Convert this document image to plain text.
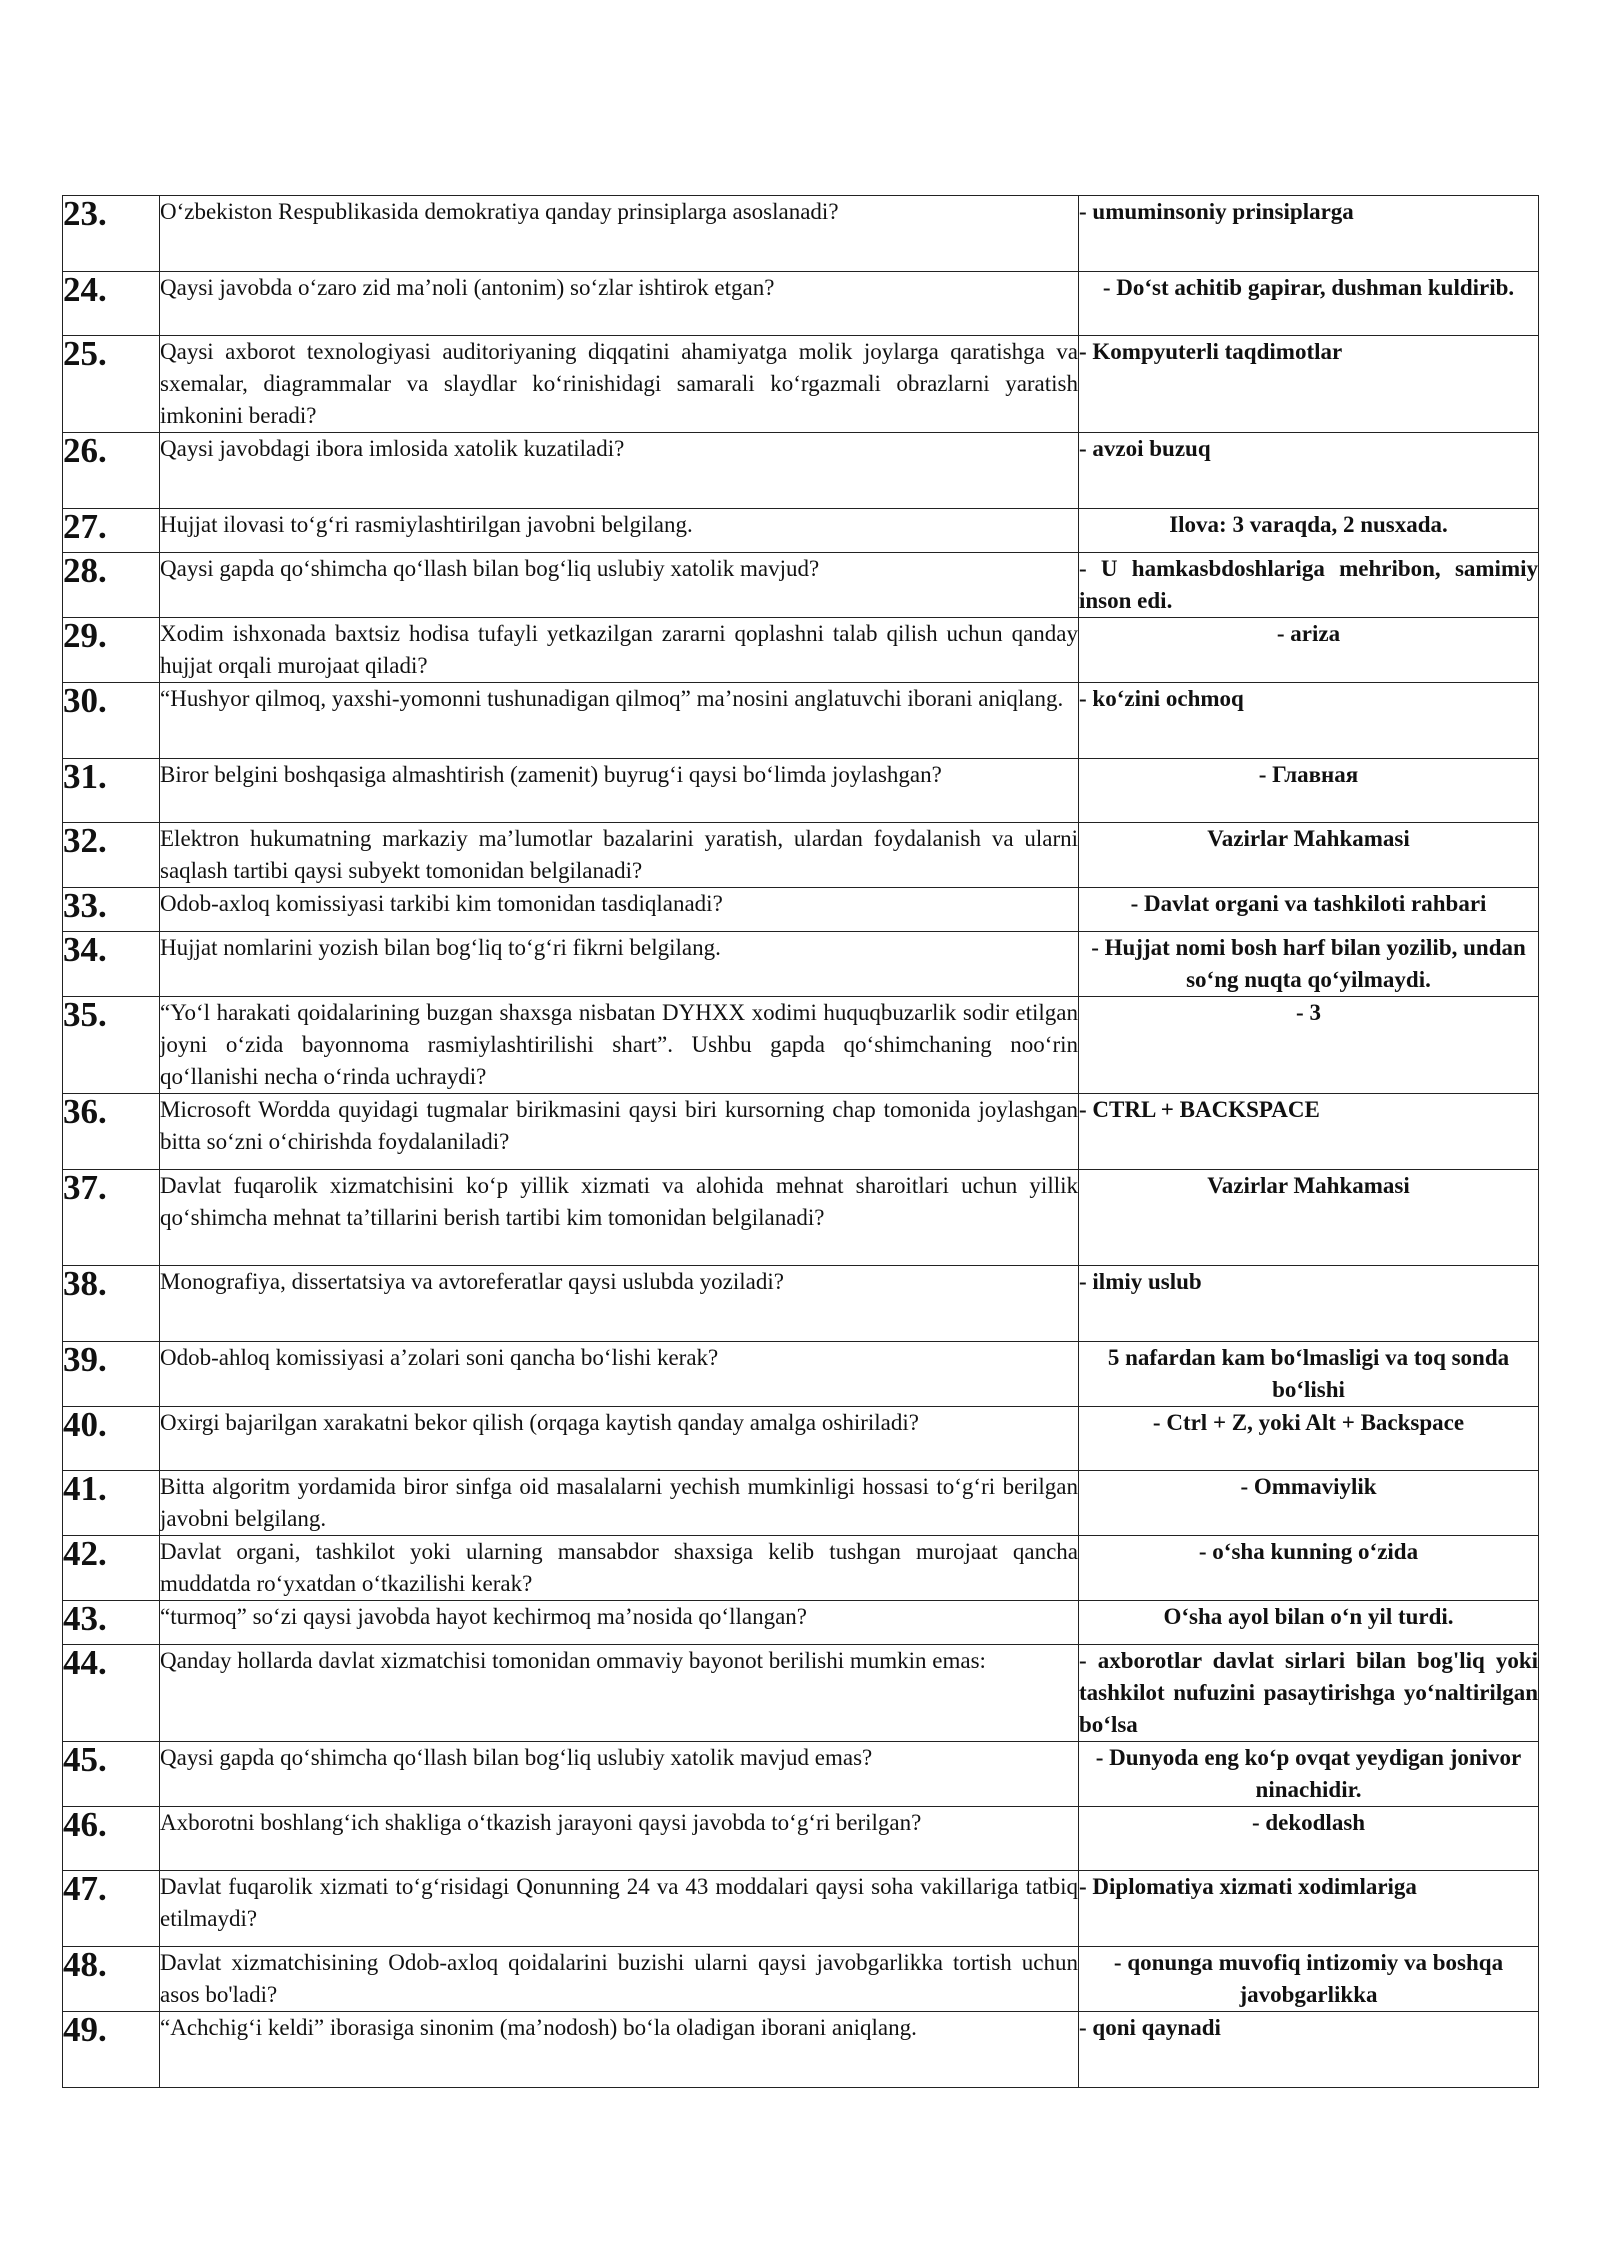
23.	O‘zbekiston Respublikasida demokratiya qanday prinsiplarga asoslanadi?	- umuminsoniy prinsiplarga
24.	Qaysi javobda o‘zaro zid ma’noli (antonim) so‘zlar ishtirok etgan?	- Do‘st achitib gapirar, dushman kuldirib.
25.	Qaysi axborot texnologiyasi auditoriyaning diqqatini ahamiyatga molik joylarga qaratishga va sxemalar, diagrammalar va slaydlar ko‘rinishidagi samarali ko‘rgazmali obrazlarni yaratish imkonini beradi?	- Kompyuterli taqdimotlar
26.	Qaysi javobdagi ibora imlosida xatolik kuzatiladi?	- avzoi buzuq
27.	Hujjat ilovasi to‘g‘ri rasmiylashtirilgan javobni belgilang.	Ilova: 3 varaqda, 2 nusxada.
28.	Qaysi gapda qo‘shimcha qo‘llash bilan bog‘liq uslubiy xatolik mavjud?	- U hamkasbdoshlariga mehribon, samimiy inson edi.
29.	Xodim ishxonada baxtsiz hodisa tufayli yetkazilgan zararni qoplashni talab qilish uchun qanday hujjat orqali murojaat qiladi?	- ariza
30.	“Hushyor qilmoq, yaxshi-yomonni tushunadigan qilmoq” ma’nosini anglatuvchi iborani aniqlang.	- ko‘zini ochmoq
31.	Biror belgini boshqasiga almashtirish (zamenit) buyrug‘i qaysi bo‘limda joylashgan?	- Главная
32.	Elektron hukumatning markaziy ma’lumotlar bazalarini yaratish, ulardan foydalanish va ularni saqlash tartibi qaysi subyekt tomonidan belgilanadi?	Vazirlar Mahkamasi
33.	Odob-axloq komissiyasi tarkibi kim tomonidan tasdiqlanadi?	- Davlat organi va tashkiloti rahbari
34.	Hujjat nomlarini yozish bilan bog‘liq to‘g‘ri fikrni belgilang.	- Hujjat nomi bosh harf bilan yozilib, undan so‘ng nuqta qo‘yilmaydi.
35.	“Yo‘l harakati qoidalarining buzgan shaxsga nisbatan DYHXX xodimi huquqbuzarlik sodir etilgan joyni o‘zida bayonnoma rasmiylashtirilishi shart”. Ushbu gapda qo‘shimchaning noo‘rin qo‘llanishi necha o‘rinda uchraydi?	- 3
36.	Microsoft Wordda quyidagi tugmalar birikmasini qaysi biri kursorning chap tomonida joylashgan bitta so‘zni o‘chirishda foydalaniladi?	- CTRL + BACKSPACE
37.	Davlat fuqarolik xizmatchisini ko‘p yillik xizmati va alohida mehnat sharoitlari uchun yillik qo‘shimcha mehnat ta’tillarini berish tartibi kim tomonidan belgilanadi?	Vazirlar Mahkamasi
38.	Monografiya, dissertatsiya va avtoreferatlar qaysi uslubda yoziladi?	- ilmiy uslub
39.	Odob-ahloq komissiyasi a’zolari soni qancha bo‘lishi kerak?	5 nafardan kam bo‘lmasligi va toq sonda bo‘lishi
40.	Oxirgi bajarilgan xarakatni bekor qilish (orqaga kaytish qanday amalga oshiriladi?	- Ctrl + Z, yoki Alt + Backspace
41.	Bitta algoritm yordamida biror sinfga oid masalalarni yechish mumkinligi hossasi to‘g‘ri berilgan javobni belgilang.	- Ommaviylik
42.	Davlat organi, tashkilot yoki ularning mansabdor shaxsiga kelib tushgan murojaat qancha muddatda ro‘yxatdan o‘tkazilishi kerak?	- o‘sha kunning o‘zida
43.	“turmoq” so‘zi qaysi javobda hayot kechirmoq ma’nosida qo‘llangan?	O‘sha ayol bilan o‘n yil turdi.
44.	Qanday hollarda davlat xizmatchisi tomonidan ommaviy bayonot berilishi mumkin emas:	- axborotlar davlat sirlari bilan bog'liq yoki tashkilot nufuzini pasaytirishga yo‘naltirilgan bo‘lsa
45.	Qaysi gapda qo‘shimcha qo‘llash bilan bog‘liq uslubiy xatolik mavjud emas?	- Dunyoda eng ko‘p ovqat yeydigan jonivor ninachidir.
46.	Axborotni boshlang‘ich shakliga o‘tkazish jarayoni qaysi javobda to‘g‘ri berilgan?	- dekodlash
47.	Davlat fuqarolik xizmati to‘g‘risidagi Qonunning 24 va 43 moddalari qaysi soha vakillariga tatbiq etilmaydi?	- Diplomatiya xizmati xodimlariga
48.	Davlat xizmatchisining Odob-axloq qoidalarini buzishi ularni qaysi javobgarlikka tortish uchun asos bo'ladi?	- qonunga muvofiq intizomiy va boshqa javobgarlikka
49.	“Achchig‘i keldi” iborasiga sinonim (ma’nodosh) bo‘la oladigan iborani aniqlang.	- qoni qaynadi
